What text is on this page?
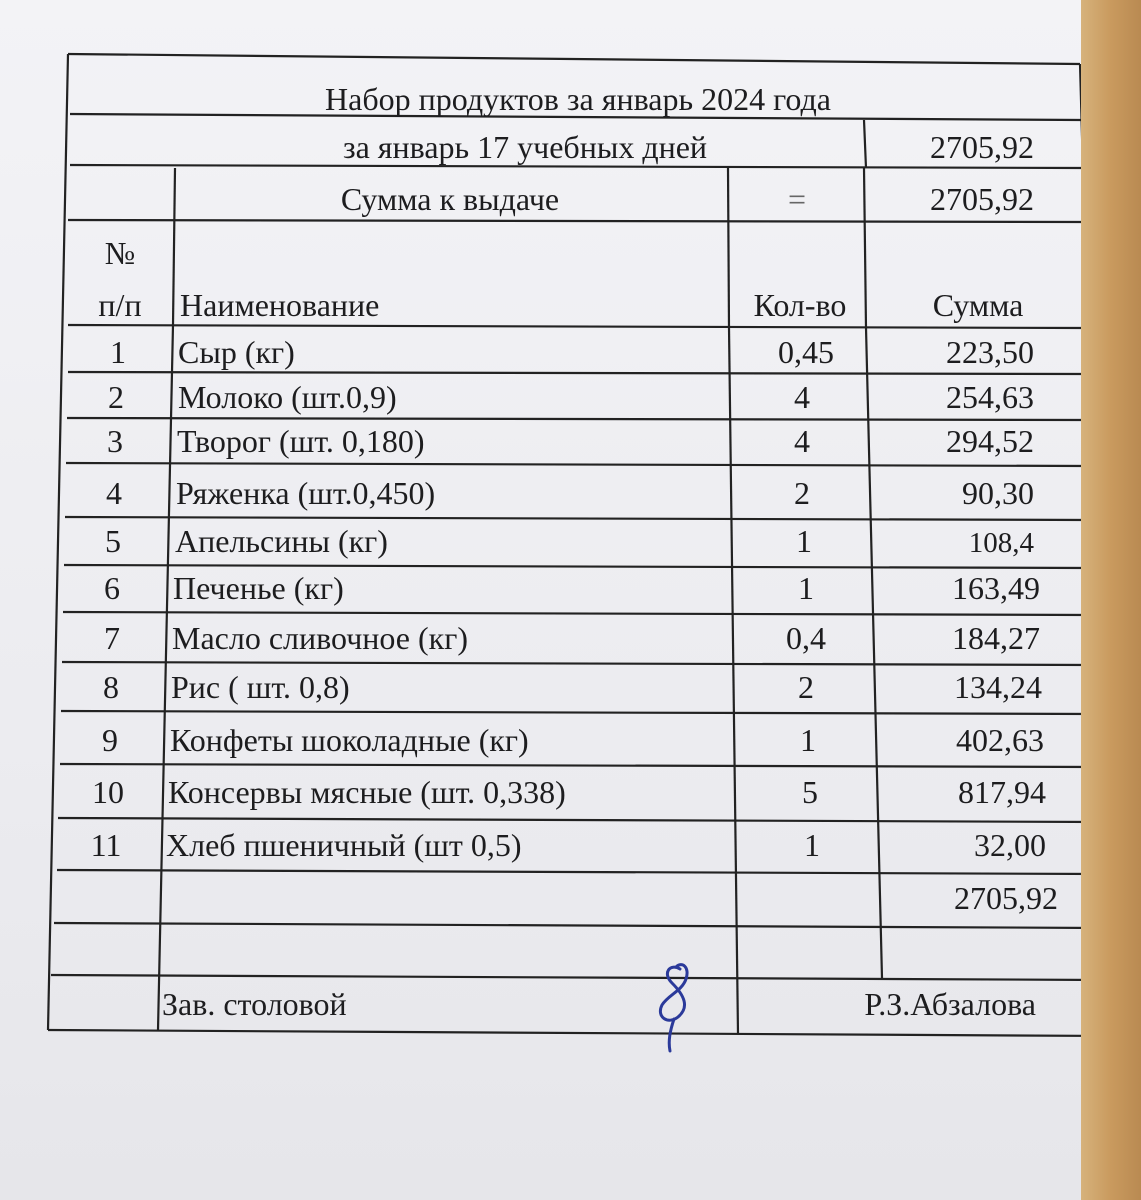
Набор продуктов за январь 2024 года
за январь 17 учебных дней	2705,92
Сумма к выдаче	=	2705,92
№
п/п Наименование	Кол-во	Сумма
1 Сыр (кг)	0,45	223,50
2 Молоко (шт.0,9)	4	254,63
3 Творог (шт. 0,180)	4	294,52
4 Ряженка (шт.0,450)	2	90,30
5 Апельсины (кг)	1	108,4
6 Печенье (кг)	1	163,49
7 Масло сливочное (кг)	0,4	184,27
8 Рис ( шт. 0,8)	2	134,24
9 Конфеты шоколадные (кг)	1	402,63
10 Консервы мясные (шт. 0,338)	5	817,94
11 Хлеб пшеничный (шт 0,5)	1	32,00
2705,92
Зав. столовой	Р.З.Абзалова
